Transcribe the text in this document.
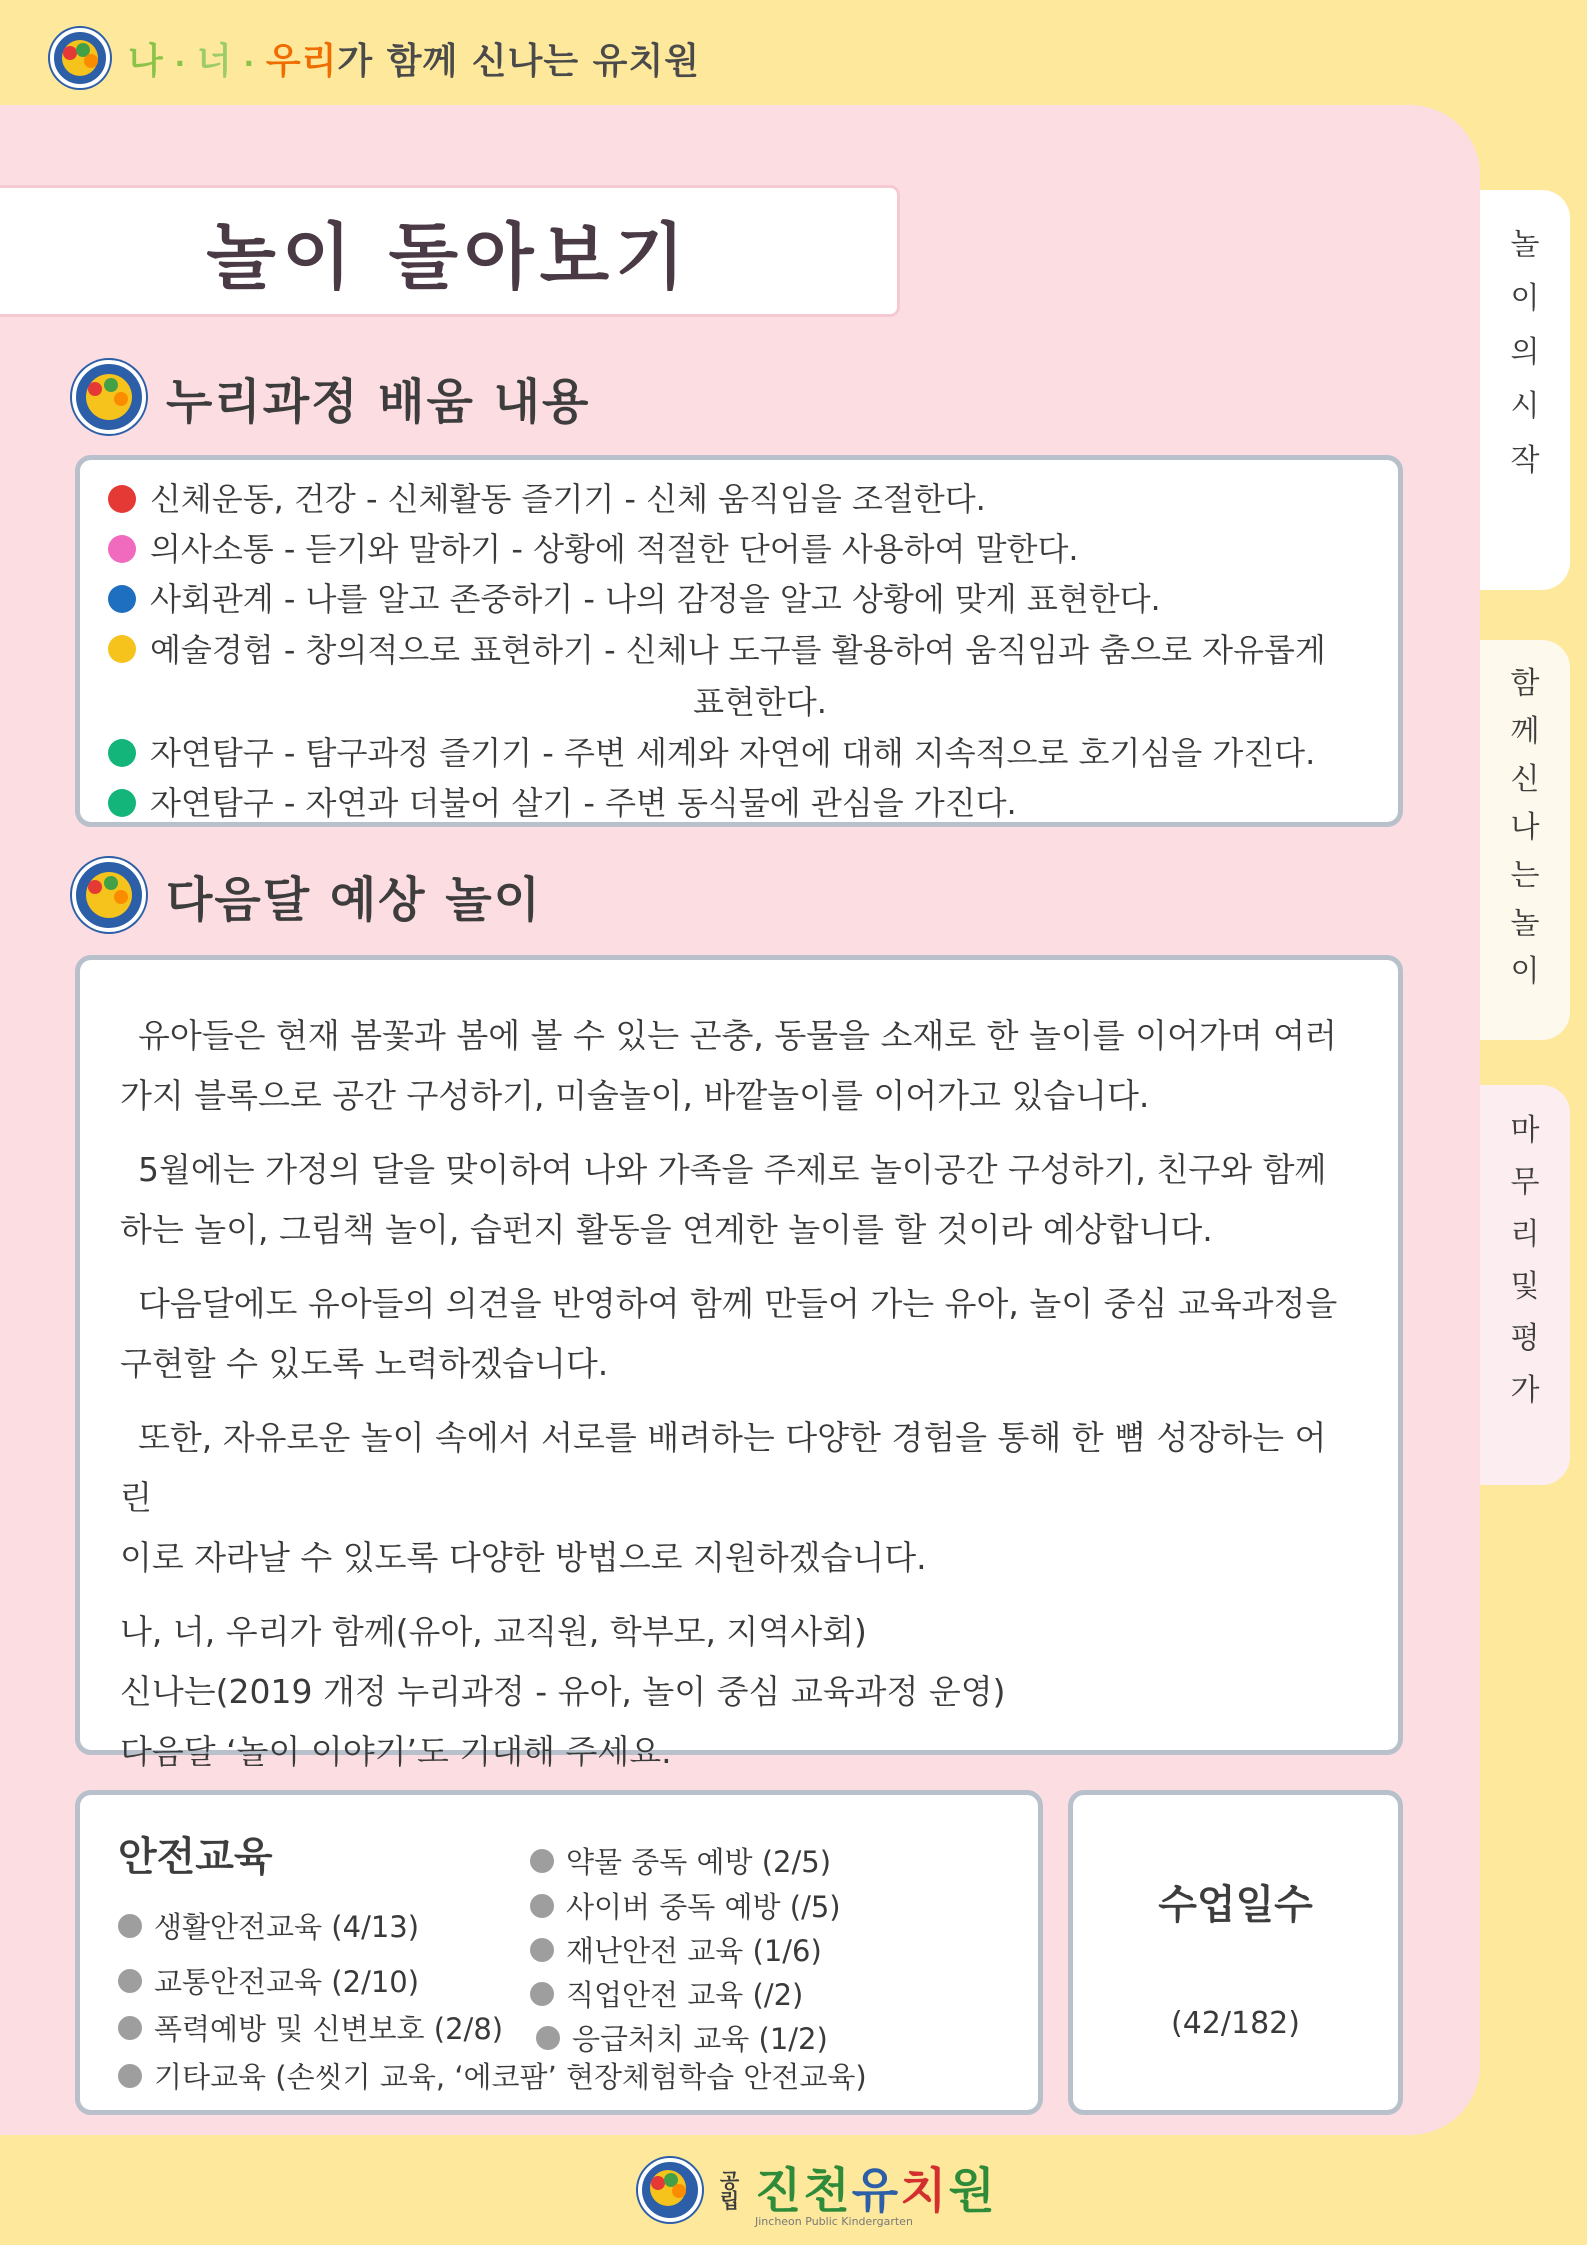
나 · 너 · 우리가 함께 신나는 유치원
놀이 돌아보기
누리과정 배움 내용
신체운동, 건강 - 신체활동 즐기기 - 신체 움직임을 조절한다.
의사소통 - 듣기와 말하기 - 상황에 적절한 단어를 사용하여 말한다.
사회관계 - 나를 알고 존중하기 - 나의 감정을 알고 상황에 맞게 표현한다.
예술경험 - 창의적으로 표현하기 - 신체나 도구를 활용하여 움직임과 춤으로 자유롭게
표현한다.
자연탐구 - 탐구과정 즐기기 - 주변 세계와 자연에 대해 지속적으로 호기심을 가진다.
자연탐구 - 자연과 더불어 살기 - 주변 동식물에 관심을 가진다.
다음달 예상 놀이
유아들은 현재 봄꽃과 봄에 볼 수 있는 곤충, 동물을 소재로 한 놀이를 이어가며 여러
가지 블록으로 공간 구성하기, 미술놀이, 바깥놀이를 이어가고 있습니다.
5월에는 가정의 달을 맞이하여 나와 가족을 주제로 놀이공간 구성하기, 친구와 함께
하는 놀이, 그림책 놀이, 습펀지 활동을 연계한 놀이를 할 것이라 예상합니다.
다음달에도 유아들의 의견을 반영하여 함께 만들어 가는 유아, 놀이 중심 교육과정을
구현할 수 있도록 노력하겠습니다.
또한, 자유로운 놀이 속에서 서로를 배려하는 다양한 경험을 통해 한 뼘 성장하는 어린
이로 자라날 수 있도록 다양한 방법으로 지원하겠습니다.

나, 너, 우리가 함께(유아, 교직원, 학부모, 지역사회)

신나는(2019 개정 누리과정 - 유아, 놀이 중심 교육과정 운영)

다음달 ‘놀이 이야기’도 기대해 주세요.

안전교육
생활안전교육 (4/13)
교통안전교육 (2/10)
폭력예방 및 신변보호 (2/8)
기타교육 (손씻기 교육, ‘에코팜’ 현장체험학습 안전교육)
약물 중독 예방 (2/5)
사이버 중독 예방 (/5)
재난안전 교육 (1/6)
직업안전 교육 (/2)
응급처치 교육 (1/2)
수업일수
(42/182)
놀
이
의
시
작
함
께
신
나
는
놀
이
마
무
리
및
평
가
공립 진천유치원
Jincheon Public Kindergarten
